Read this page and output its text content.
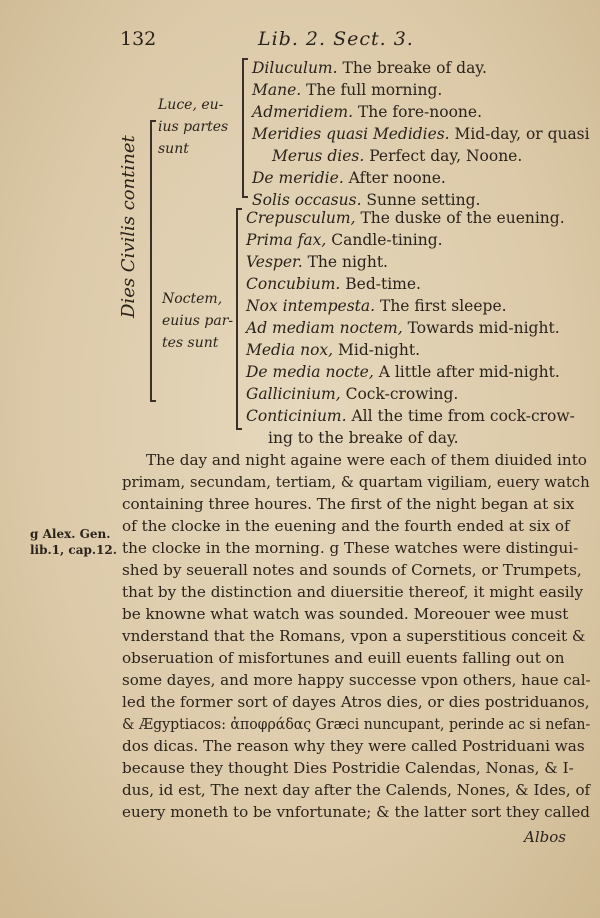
132	Lib. 2. Sect. 3.
Dies Civilis continet
Luce, eu-
ius partes
sunt
Diluculum. The breake of day.
Mane. The full morning.
Admeridiem. The fore-noone.
Meridies quasi Medidies. Mid-day, or quasi
Merus dies. Perfect day, Noone.
De meridie. After noone.
Solis occasus. Sunne setting.
Noctem,
euius par-
tes sunt
Crepusculum, The duske of the euening.
Prima fax, Candle-tining.
Vesper. The night.
Concubium. Bed-time.
Nox intempesta. The first sleepe.
Ad mediam noctem, Towards mid-night.
Media nox, Mid-night.
De media nocte, A little after mid-night.
Gallicinium, Cock-crowing.
Conticinium. All the time from cock-crow-
ing to the breake of day.
g Alex. Gen.
lib.1, cap.12.
The day and night againe were each of them diuided into
primam, secundam, tertiam, & quartam vigiliam, euery watch
containing three houres. The first of the night began at six
of the clocke in the euening and the fourth ended at six of
the clocke in the morning. g These watches were distingui-
shed by seuerall notes and sounds of Cornets, or Trumpets,
that by the distinction and diuersitie thereof, it might easily
be knowne what watch was sounded. Moreouer wee must
vnderstand that the Romans, vpon a superstitious conceit &
obseruation of misfortunes and euill euents falling out on
some dayes, and more happy successe vpon others, haue cal-
led the former sort of dayes Atros dies, or dies postriduanos,
& Ægyptiacos: ἀποφράδας Græci nuncupant, perinde ac si nefan-
dos dicas. The reason why they were called Postriduani was
because they thought Dies Postridie Calendas, Nonas, & I-
dus, id est, The next day after the Calends, Nones, & Ides, of
euery moneth to be vnfortunate; & the latter sort they called
Albos
